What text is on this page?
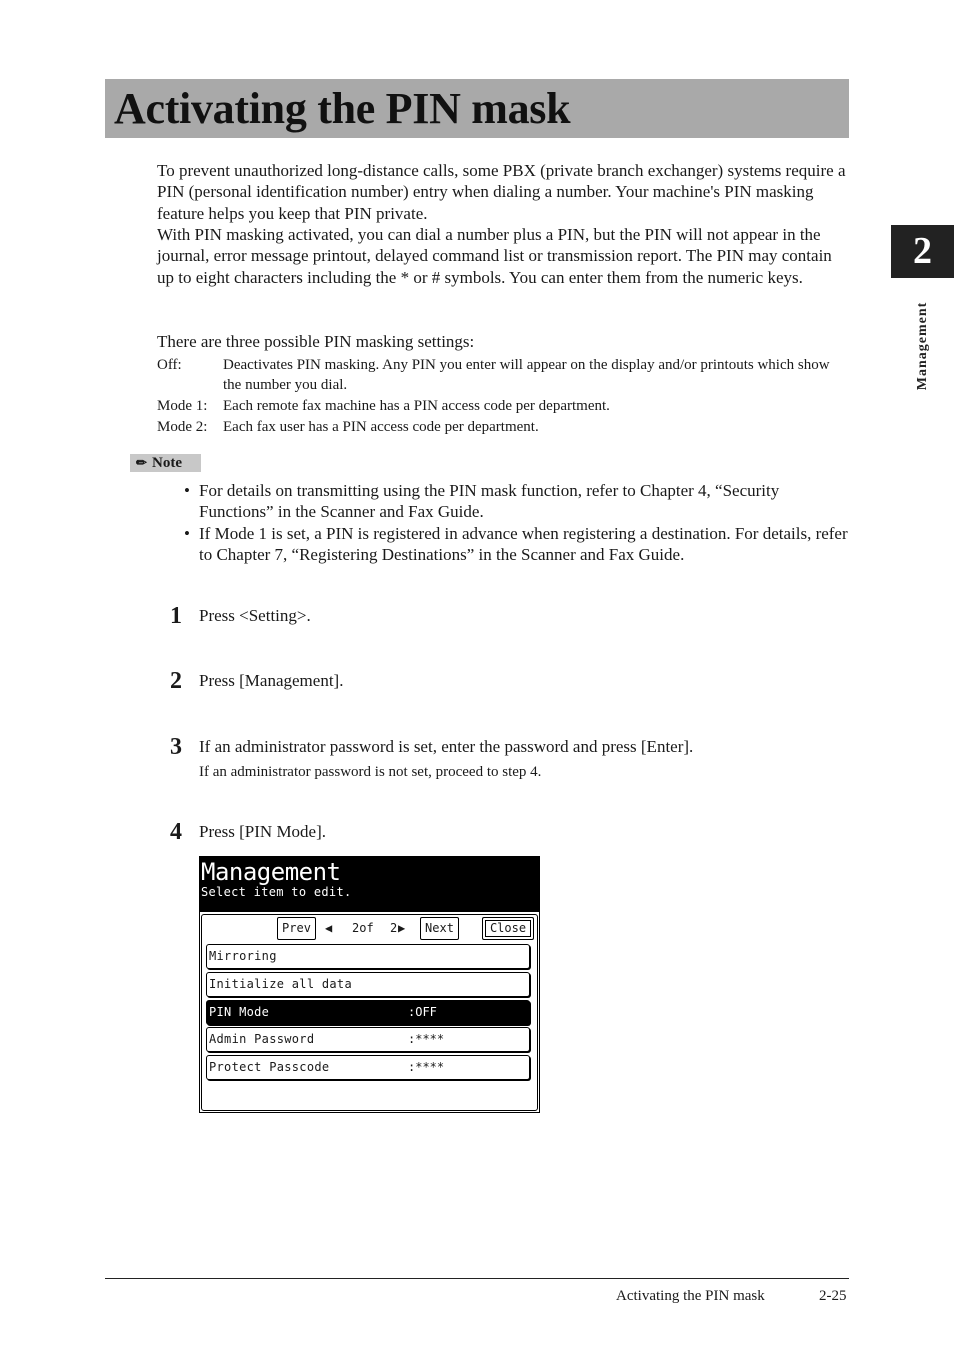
Activating the PIN mask
2
Management

To prevent unauthorized long-distance calls, some PBX (private branch exchanger) systems require a PIN (personal identification number) entry when dialing a number. Your machine's PIN masking feature helps you keep that PIN private.

With PIN masking activated, you can dial a number plus a PIN, but the PIN will not appear in the journal, error message printout, delayed command list or transmission report. The PIN may contain up to eight characters including the * or # symbols. You can enter them from the numeric keys.

There are three possible PIN masking settings:

Off:	Deactivates PIN masking. Any PIN you enter will appear on the display and/or printouts which show the number you dial.
Mode 1: Each remote fax machine has a PIN access code per department.
Mode 2: Each fax user has a PIN access code per department.
✏ Note
• For details on transmitting using the PIN mask function, refer to Chapter 4, “Security Functions” in the Scanner and Fax Guide.
• If Mode 1 is set, a PIN is registered in advance when registering a destination. For details, refer to Chapter 7, “Registering Destinations” in the Scanner and Fax Guide.
1 Press <Setting>.
2 Press [Management].
3 If an administrator password is set, enter the password and press [Enter].
If an administrator password is not set, proceed to step 4.
4 Press [PIN Mode].
Management
Select item to edit.
Prev	◀ 2of 2 ▶	Next	Close
Mirroring
Initialize all data
PIN Mode	:OFF
Admin Password	:****
Protect Passcode	:****
Activating the PIN mask	2-25
